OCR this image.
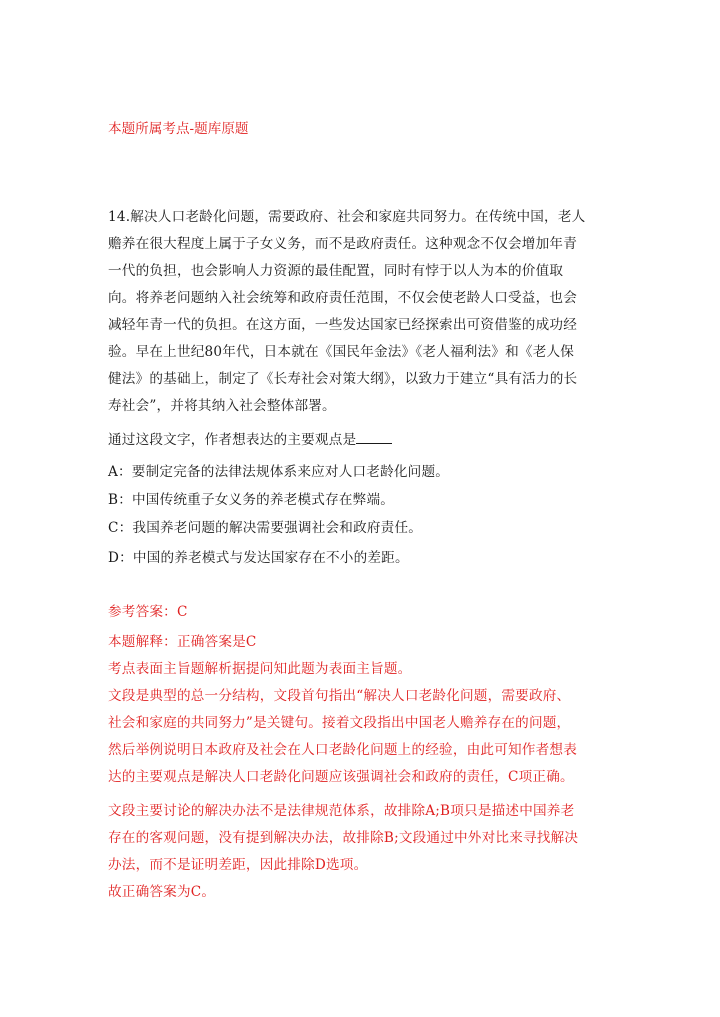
本题所属考点-题库原题
14.解决人口老龄化问题，需要政府、社会和家庭共同努力。在传统中国，老人
赡养在很大程度上属于子女义务，而不是政府责任。这种观念不仅会增加年青
一代的负担，也会影响人力资源的最佳配置，同时有悖于以人为本的价值取
向。将养老问题纳入社会统筹和政府责任范围，不仅会使老龄人口受益，也会
减轻年青一代的负担。在这方面，一些发达国家已经探索出可资借鉴的成功经
验。早在上世纪80年代，日本就在《国民年金法》《老人福利法》和《老人保
健法》的基础上，制定了《长寿社会对策大纲》，以致力于建立“具有活力的长
寿社会”，并将其纳入社会整体部署。
通过这段文字，作者想表达的主要观点是
A：要制定完备的法律法规体系来应对人口老龄化问题。
B：中国传统重子女义务的养老模式存在弊端。
C：我国养老问题的解决需要强调社会和政府责任。
D：中国的养老模式与发达国家存在不小的差距。
参考答案：C
本题解释：正确答案是C
考点表面主旨题解析据提问知此题为表面主旨题。
文段是典型的总一分结构，文段首句指出“解决人口老龄化问题，需要政府、
社会和家庭的共同努力”是关键句。接着文段指出中国老人赡养存在的问题，
然后举例说明日本政府及社会在人口老龄化问题上的经验，由此可知作者想表
达的主要观点是解决人口老龄化问题应该强调社会和政府的责任，C项正确。
文段主要讨论的解决办法不是法律规范体系，故排除A;B项只是描述中国养老
存在的客观问题，没有提到解决办法，故排除B;文段通过中外对比来寻找解决
办法，而不是证明差距，因此排除D选项。
故正确答案为C。
